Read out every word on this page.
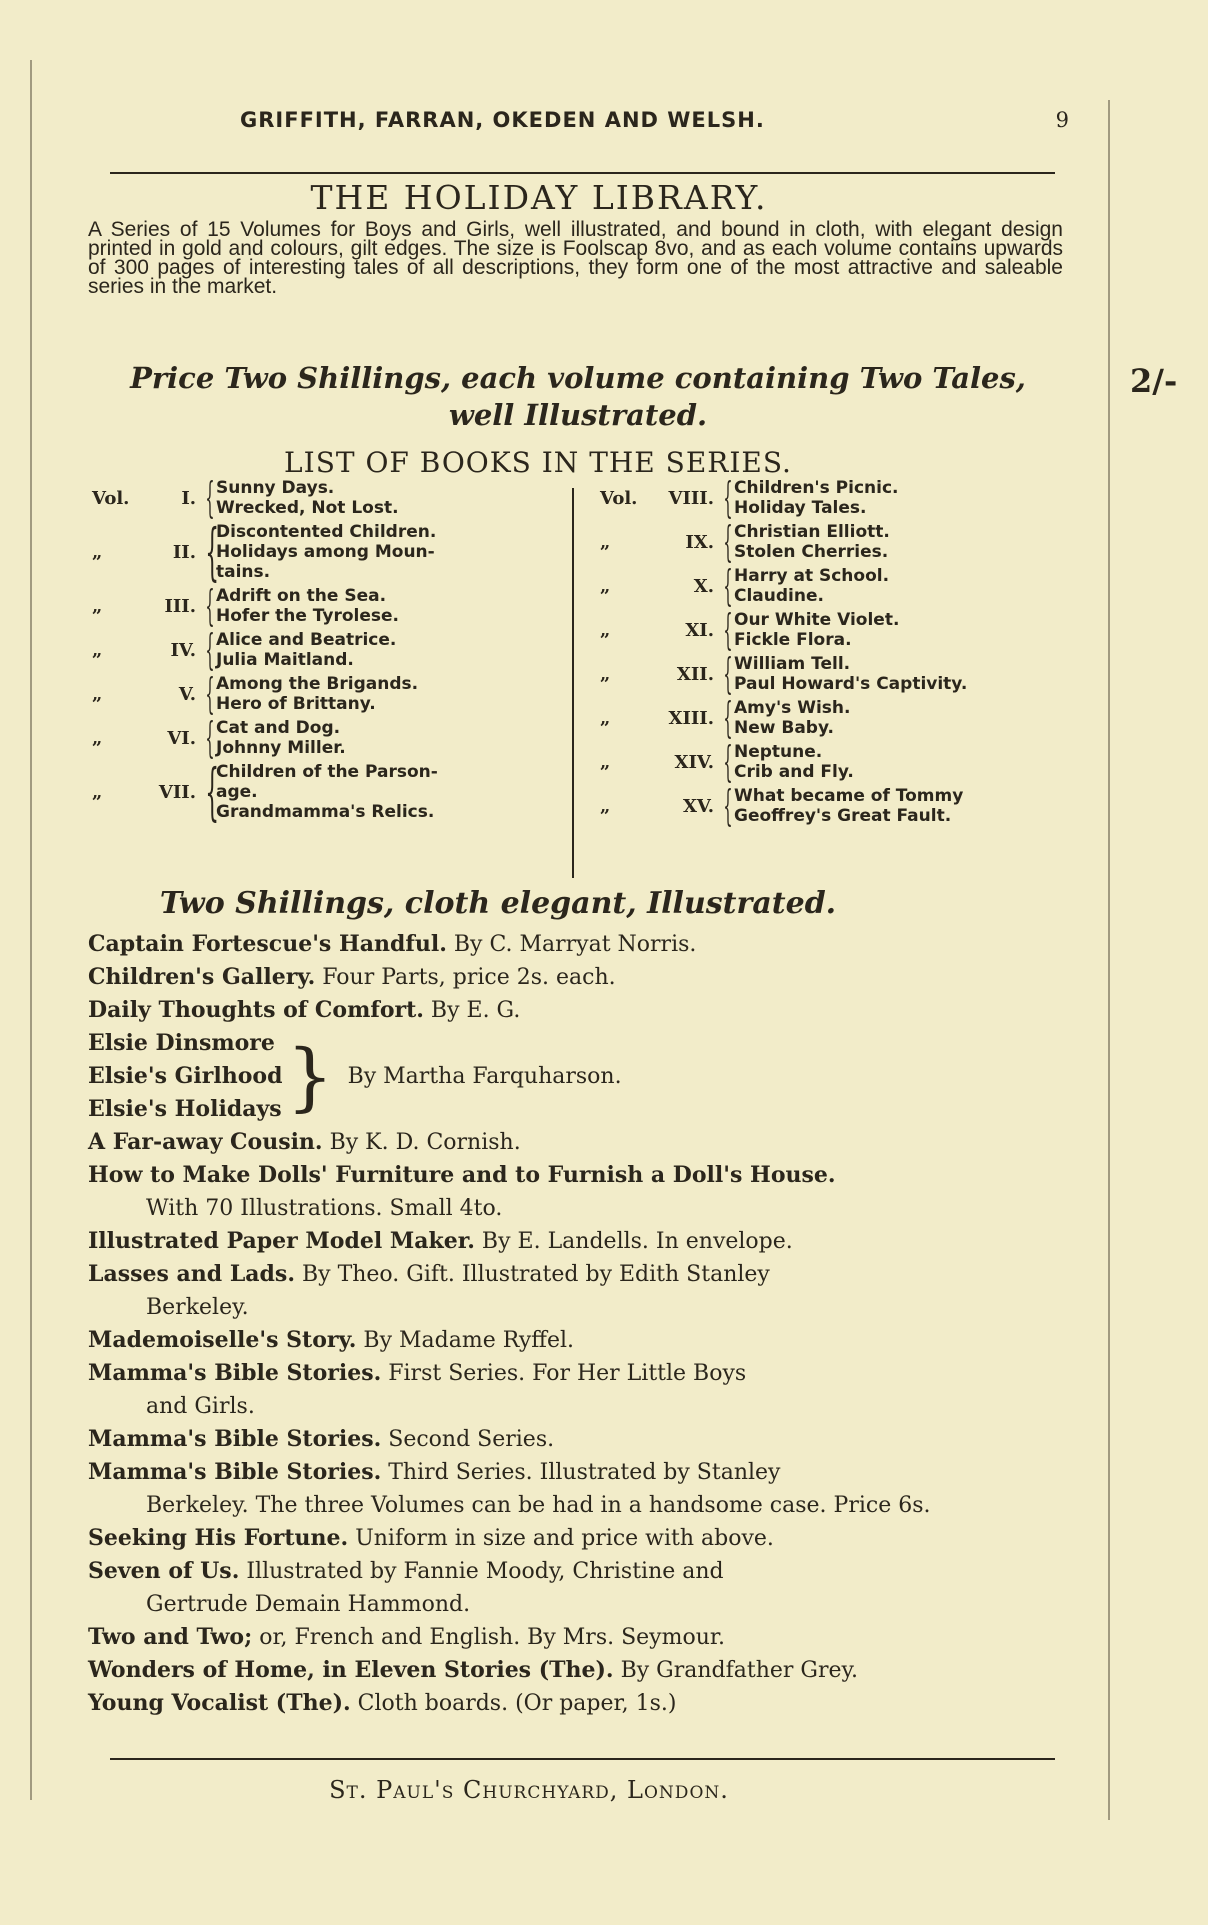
GRIFFITH, FARRAN, OKEDEN AND WELSH.	9
THE HOLIDAY LIBRARY.
A Series of 15 Volumes for Boys and Girls, well illustrated, and bound in cloth, with elegant design printed in gold and colours, gilt edges. The size is Foolscap 8vo, and as each volume contains upwards of 300 pages of interesting tales of all descriptions, they form one of the most attractive and saleable series in the market.
Price Two Shillings, each volume containing Two Tales,
well Illustrated.
2/-
LIST OF BOOKS IN THE SERIES.
Vol.	I. { Sunny Days.
Wrecked, Not Lost.
„	II. {
Discontented Children.
Holidays among Moun-
tains.
„	III. { Adrift on the Sea.
Hofer the Tyrolese.
„	IV. { Alice and Beatrice.
Julia Maitland.
„	V. { Among the Brigands.
Hero of Brittany.
„	VI. { Cat and Dog.
Johnny Miller.
„	VII. {
Children of the Parson-
age.
Grandmamma's Relics.
Vol. VIII. { Children's Picnic.
Holiday Tales.
„	IX. { Christian Elliott.
Stolen Cherries.
„	X. { Harry at School.
Claudine.
„	XI. { Our White Violet.
Fickle Flora.
„	XII. { William Tell.
Paul Howard's Captivity.
„	XIII. { Amy's Wish.
New Baby.
„	XIV. { Neptune.
Crib and Fly.
„	XV. { What became of Tommy
Geoffrey's Great Fault.
Two Shillings, cloth elegant, Illustrated.
Captain Fortescue's Handful. By C. Marryat Norris.
Children's Gallery. Four Parts, price 2s. each.
Daily Thoughts of Comfort. By E. G.
Elsie Dinsmore
Elsie's Girlhood
Elsie's Holidays } By Martha Farquharson.
A Far-away Cousin. By K. D. Cornish.
How to Make Dolls' Furniture and to Furnish a Doll's House.
With 70 Illustrations. Small 4to.
Illustrated Paper Model Maker. By E. Landells. In envelope.
Lasses and Lads. By Theo. Gift. Illustrated by Edith Stanley
Berkeley.
Mademoiselle's Story. By Madame Ryffel.
Mamma's Bible Stories. First Series. For Her Little Boys
and Girls.
Mamma's Bible Stories. Second Series.
Mamma's Bible Stories. Third Series. Illustrated by Stanley
Berkeley. The three Volumes can be had in a handsome case. Price 6s.
Seeking His Fortune. Uniform in size and price with above.
Seven of Us. Illustrated by Fannie Moody, Christine and
Gertrude Demain Hammond.
Two and Two; or, French and English. By Mrs. Seymour.
Wonders of Home, in Eleven Stories (The). By Grandfather Grey.
Young Vocalist (The). Cloth boards. (Or paper, 1s.)
St. Paul's Churchyard, London.
